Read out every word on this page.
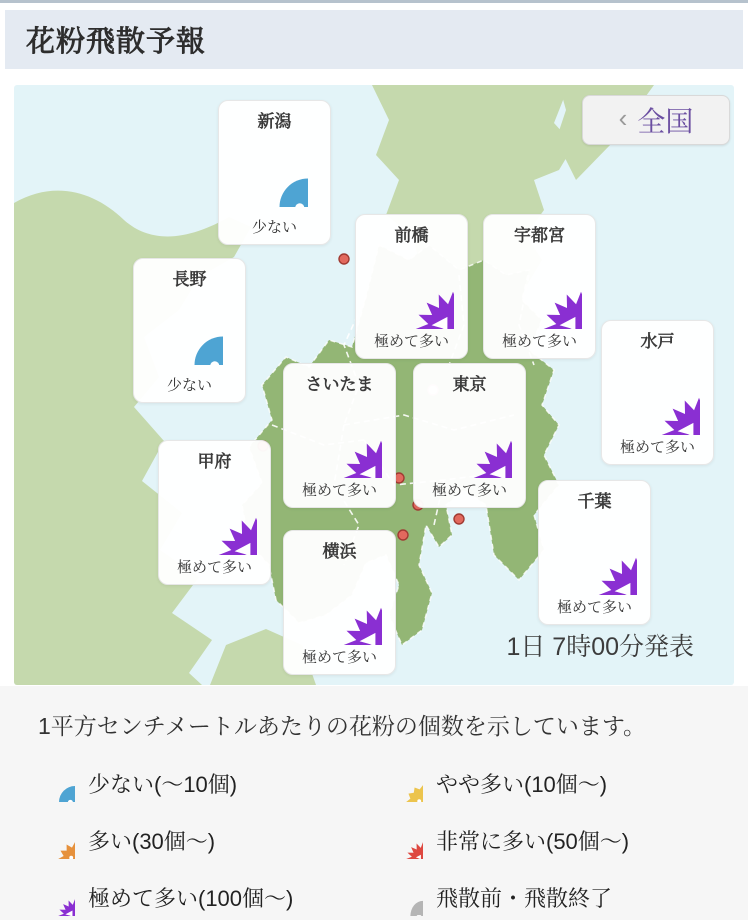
花粉飛散予報
‹ 全国
1日 7時00分発表
新潟
少ない
長野
少ない
前橋
極めて多い
宇都宮
極めて多い	水戸
極めて多い
さいたま
極めて多い
東京
極めて多い
甲府
極めて多い
横浜
極めて多い
千葉
極めて多い
1平方センチメートルあたりの花粉の個数を示しています。
少ない(〜10個)	やや多い(10個〜)
多い(30個〜)	非常に多い(50個〜)
極めて多い(100個〜)	飛散前・飛散終了
